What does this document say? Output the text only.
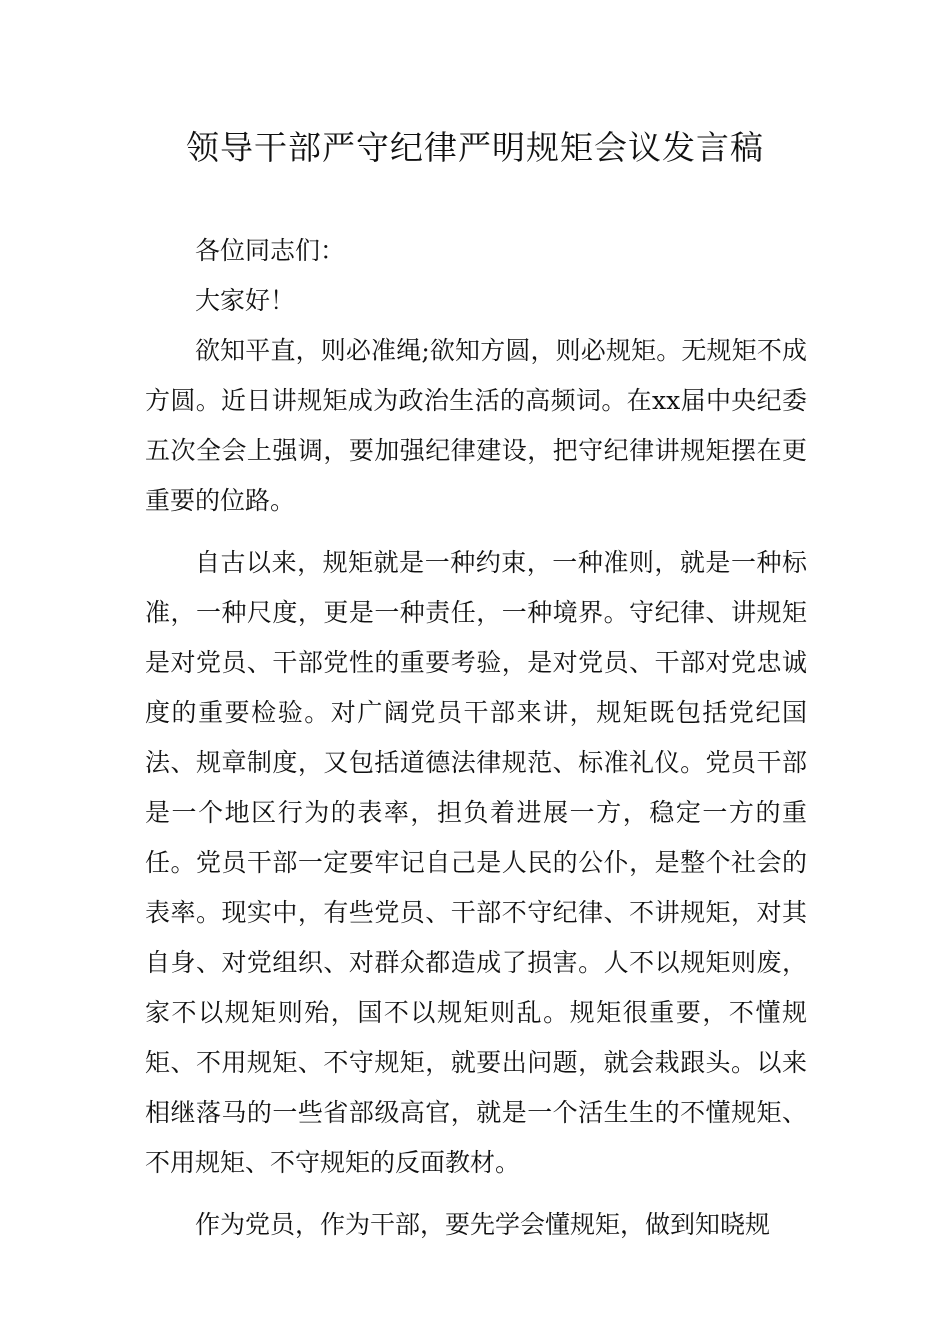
领导干部严守纪律严明规矩会议发言稿

各位同志们：

大家好！

欲知平直，则必准绳;欲知方圆，则必规矩。无规矩不成方圆。近日讲规矩成为政治生活的高频词。在xx届中央纪委五次全会上强调，要加强纪律建设，把守纪律讲规矩摆在更重要的位路。

自古以来，规矩就是一种约束，一种准则，就是一种标准，一种尺度，更是一种责任，一种境界。守纪律、讲规矩是对党员、干部党性的重要考验，是对党员、干部对党忠诚度的重要检验。对广阔党员干部来讲，规矩既包括党纪国法、规章制度，又包括道德法律规范、标准礼仪。党员干部是一个地区行为的表率，担负着进展一方，稳定一方的重任。党员干部一定要牢记自己是人民的公仆，是整个社会的表率。现实中，有些党员、干部不守纪律、不讲规矩，对其自身、对党组织、对群众都造成了损害。人不以规矩则废，家不以规矩则殆，国不以规矩则乱。规矩很重要，不懂规矩、不用规矩、不守规矩，就要出问题，就会栽跟头。以来相继落马的一些省部级高官，就是一个活生生的不懂规矩、不用规矩、不守规矩的反面教材。

作为党员，作为干部，要先学会懂规矩，做到知晓规
